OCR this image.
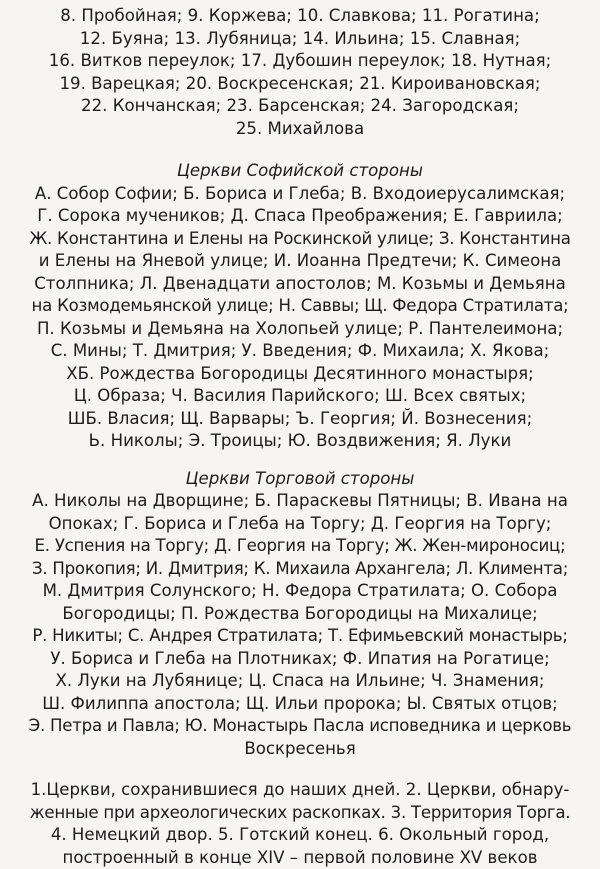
8. Пробойная; 9. Коржева; 10. Славкова; 11. Рогатина;

12. Буяна; 13. Лубяница; 14. Ильина; 15. Славная;

16. Витков переулок; 17. Дубошин переулок; 18. Нутная;

19. Варецкая; 20. Воскресенская; 21. Кироивановская;

22. Кончанская; 23. Барсенская; 24. Загородская;

25. Михайлова

Церкви Софийской стороны

А. Собор Софии; Б. Бориса и Глеба; В. Входоиерусалимская;

Г. Сорока мучеников; Д. Спаса Преображения; Е. Гавриила;

Ж. Константина и Елены на Роскинской улице; З. Константина

и Елены на Яневой улице; И. Иоанна Предтечи; К. Симеона

Столпника; Л. Двенадцати апостолов; М. Козьмы и Демьяна

на Козмодемьянской улице; Н. Саввы; Щ. Федора Стратилата;

П. Козьмы и Демьяна на Холопьей улице; Р. Пантелеимона;

С. Мины; Т. Дмитрия; У. Введения; Ф. Михаила; Х. Якова;

ХБ. Рождества Богородицы Десятинного монастыря;

Ц. Образа; Ч. Василия Парийского; Ш. Всех святых;

ШБ. Власия; Щ. Варвары; Ъ. Георгия; Й. Вознесения;

Ь. Николы; Э. Троицы; Ю. Воздвижения; Я. Луки

Церкви Торговой стороны

А. Николы на Дворщине; Б. Параскевы Пятницы; В. Ивана на

Опоках; Г. Бориса и Глеба на Торгу; Д. Георгия на Торгу;

Е. Успения на Торгу; Д. Георгия на Торгу; Ж. Жен-мироносиц;

З. Прокопия; И. Дмитрия; К. Михаила Архангела; Л. Климента;

М. Дмитрия Солунского; Н. Федора Стратилата; О. Собора

Богородицы; П. Рождества Богородицы на Михалице;

Р. Никиты; С. Андрея Стратилата; Т. Ефимьевский монастырь;

У. Бориса и Глеба на Плотниках; Ф. Ипатия на Рогатице;

Х. Луки на Лубянице; Ц. Спаса на Ильине; Ч. Знамения;

Ш. Филиппа апостола; Щ. Ильи пророка; Ы. Святых отцов;

Э. Петра и Павла; Ю. Монастырь Пасла исповедника и церковь

Воскресенья

1.Церкви, сохранившиеся до наших дней. 2. Церкви, обнару-

женные при археологических раскопках. 3. Территория Торга.

4. Немецкий двор. 5. Готский конец. 6. Окольный город,

построенный в конце XIV – первой половине XV веков
